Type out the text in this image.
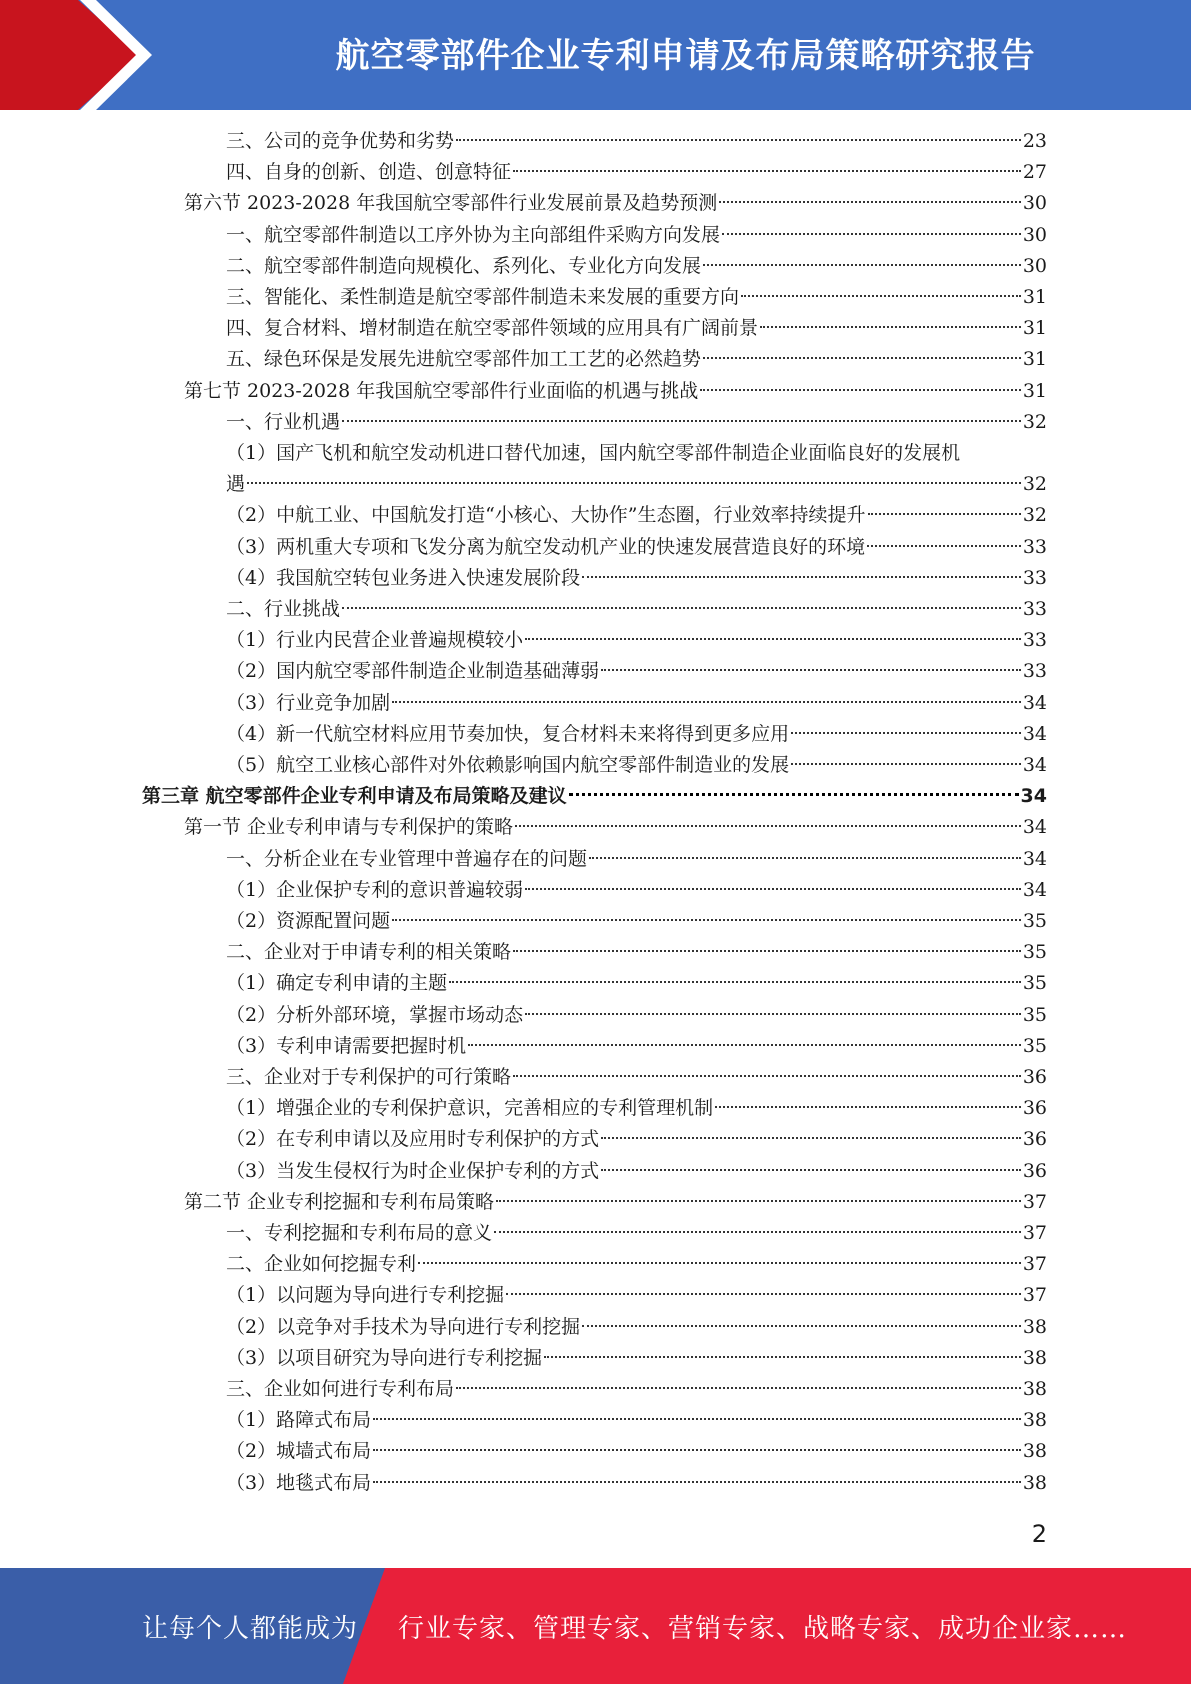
航空零部件企业专利申请及布局策略研究报告
三、公司的竞争优势和劣势	23
四、自身的创新、创造、创意特征	27
第六节 2023-2028 年我国航空零部件行业发展前景及趋势预测	30
一、航空零部件制造以工序外协为主向部组件采购方向发展	30
二、航空零部件制造向规模化、系列化、专业化方向发展	30
三、智能化、柔性制造是航空零部件制造未来发展的重要方向	31
四、复合材料、增材制造在航空零部件领域的应用具有广阔前景	31
五、绿色环保是发展先进航空零部件加工工艺的必然趋势	31
第七节 2023-2028 年我国航空零部件行业面临的机遇与挑战	31
一、行业机遇	32
（1）国产飞机和航空发动机进口替代加速，国内航空零部件制造企业面临良好的发展机
遇	32
（2）中航工业、中国航发打造“小核心、大协作”生态圈，行业效率持续提升	32
（3）两机重大专项和飞发分离为航空发动机产业的快速发展营造良好的环境	33
（4）我国航空转包业务进入快速发展阶段	33
二、行业挑战	33
（1）行业内民营企业普遍规模较小	33
（2）国内航空零部件制造企业制造基础薄弱	33
（3）行业竞争加剧	34
（4）新一代航空材料应用节奏加快，复合材料未来将得到更多应用	34
（5）航空工业核心部件对外依赖影响国内航空零部件制造业的发展	34
第三章 航空零部件企业专利申请及布局策略及建议	34
第一节 企业专利申请与专利保护的策略	34
一、分析企业在专业管理中普遍存在的问题	34
（1）企业保护专利的意识普遍较弱	34
（2）资源配置问题	35
二、企业对于申请专利的相关策略	35
（1）确定专利申请的主题	35
（2）分析外部环境，掌握市场动态	35
（3）专利申请需要把握时机	35
三、企业对于专利保护的可行策略	36
（1）增强企业的专利保护意识，完善相应的专利管理机制	36
（2）在专利申请以及应用时专利保护的方式	36
（3）当发生侵权行为时企业保护专利的方式	36
第二节 企业专利挖掘和专利布局策略	37
一、专利挖掘和专利布局的意义	37
二、企业如何挖掘专利	37
（1）以问题为导向进行专利挖掘	37
（2）以竞争对手技术为导向进行专利挖掘	38
（3）以项目研究为导向进行专利挖掘	38
三、企业如何进行专利布局	38
（1）路障式布局	38
（2）城墙式布局	38
（3）地毯式布局	38
2
让每个人都能成为 行业专家、管理专家、营销专家、战略专家、成功企业家……
